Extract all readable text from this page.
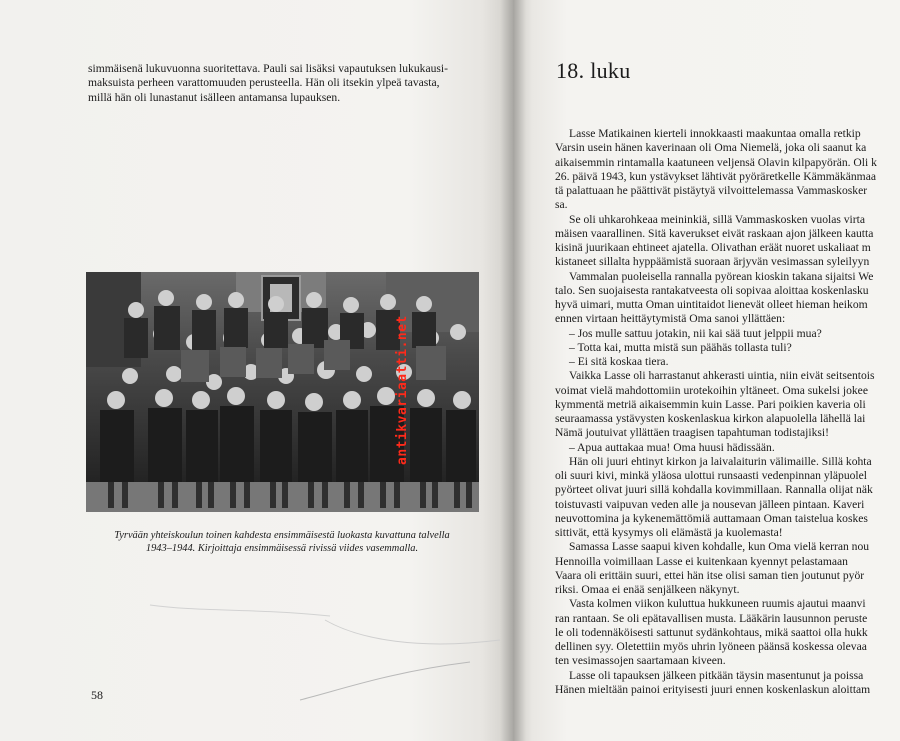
simmäisenä lukuvuonna suoritettava. Pauli sai lisäksi vapautuksen lukukausi-
maksuista perheen varattomuuden perusteella. Hän oli itsekin ylpeä tavasta,
millä hän oli lunastanut isälleen antamansa lupauksen.
antikvariaatti.net
Tyrvään yhteiskoulun toinen kahdesta ensimmäisestä luokasta kuvattuna talvella
1943–1944. Kirjoittaja ensimmäisessä rivissä viides vasemmalla.
58
18. luku
Lasse Matikainen kierteli innokkaasti maakuntaa omalla retkip
Varsin usein hänen kaverinaan oli Oma Niemelä, joka oli saanut ka
aikaisemmin rintamalla kaatuneen veljensä Olavin kilpapyörän. Oli k
26. päivä 1943, kun ystävykset lähtivät pyöräretkelle Kämmäkänmaa
tä palattuaan he päättivät pistäytyä vilvoittelemassa Vammaskosker
sa.
Se oli uhkarohkeaa meininkiä, sillä Vammaskosken vuolas virta
mäisen vaarallinen. Sitä kaverukset eivät raskaan ajon jälkeen kautta
kisinä juurikaan ehtineet ajatella. Olivathan eräät nuoret uskaliaat m
kistaneet sillalta hyppäämistä suoraan ärjyvän vesimassan syleilyyn
Vammalan puoleisella rannalla pyörean kioskin takana sijaitsi We
talo. Sen suojaisesta rantakatveesta oli sopivaa aloittaa koskenlasku
hyvä uimari, mutta Oman uintitaidot lienevät olleet hieman heikom
ennen virtaan heittäytymistä Oma sanoi yllättäen:
– Jos mulle sattuu jotakin, nii kai sää tuut jelppii mua?
– Totta kai, mutta mistä sun päähäs tollasta tuli?
– Ei sitä koskaa tiera.
Vaikka Lasse oli harrastanut ahkerasti uintia, niin eivät seitsentois
voimat vielä mahdottomiin urotekoihin yltäneet. Oma sukelsi jokee
kymmentä metriä aikaisemmin kuin Lasse. Pari poikien kaveria oli
seuraamassa ystävysten koskenlaskua kirkon alapuolella lähellä lai
Nämä joutuivat yllättäen traagisen tapahtuman todistajiksi!
– Apua auttakaa mua! Oma huusi hädissään.
Hän oli juuri ehtinyt kirkon ja laivalaiturin välimaille. Sillä kohta
oli suuri kivi, minkä yläosa ulottui runsaasti vedenpinnan yläpuolel
pyörteet olivat juuri sillä kohdalla kovimmillaan. Rannalla olijat näk
toistuvasti vaipuvan veden alle ja nousevan jälleen pintaan. Kaveri
neuvottomina ja kykenemättömiä auttamaan Oman taistelua koskes
sittivät, että kysymys oli elämästä ja kuolemasta!
Samassa Lasse saapui kiven kohdalle, kun Oma vielä kerran nou
Hennoilla voimillaan Lasse ei kuitenkaan kyennyt pelastamaan
Vaara oli erittäin suuri, ettei hän itse olisi saman tien joutunut pyör
riksi. Omaa ei enää senjälkeen näkynyt.
Vasta kolmen viikon kuluttua hukkuneen ruumis ajautui maanvi
ran rantaan. Se oli epätavallisen musta. Lääkärin lausunnon peruste
le oli todennäköisesti sattunut sydänkohtaus, mikä saattoi olla hukk
dellinen syy. Oletettiin myös uhrin lyöneen päänsä koskessa olevaa
ten vesimassojen saartamaan kiveen.
Lasse oli tapauksen jälkeen pitkään täysin masentunut ja poissa
Hänen mieltään painoi erityisesti juuri ennen koskenlaskun aloittam
